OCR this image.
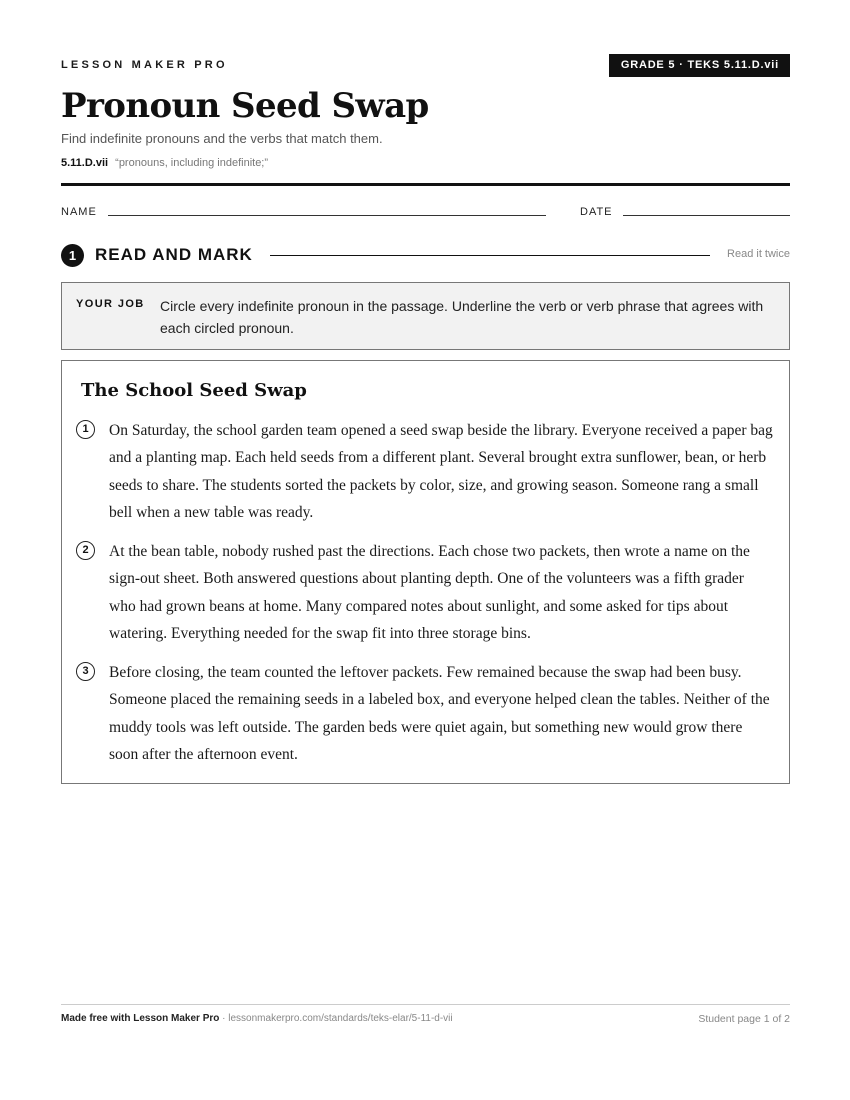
LESSON MAKER PRO	GRADE 5 · TEKS 5.11.D.vii
Pronoun Seed Swap
Find indefinite pronouns and the verbs that match them.
5.11.D.vii “pronouns, including indefinite;”
NAME	DATE
1	READ AND MARK	Read it twice
YOUR JOB Circle every indefinite pronoun in the passage. Underline the verb or verb phrase that agrees with each circled pronoun.
The School Seed Swap
1	On Saturday, the school garden team opened a seed swap beside the library. Everyone received a paper bag and a planting map. Each held seeds from a different plant. Several brought extra sunflower, bean, or herb seeds to share. The students sorted the packets by color, size, and growing season. Someone rang a small bell when a new table was ready.

2	At the bean table, nobody rushed past the directions. Each chose two packets, then wrote a name on the sign-out sheet. Both answered questions about planting depth. One of the volunteers was a fifth grader who had grown beans at home. Many compared notes about sunlight, and some asked for tips about watering. Everything needed for the swap fit into three storage bins.

3	Before closing, the team counted the leftover packets. Few remained because the swap had been busy. Someone placed the remaining seeds in a labeled box, and everyone helped clean the tables. Neither of the muddy tools was left outside. The garden beds were quiet again, but something new would grow there soon after the afternoon event.

Made free with Lesson Maker Pro · lessonmakerpro.com/standards/teks-elar/5-11-d-vii	Student page 1 of 2
